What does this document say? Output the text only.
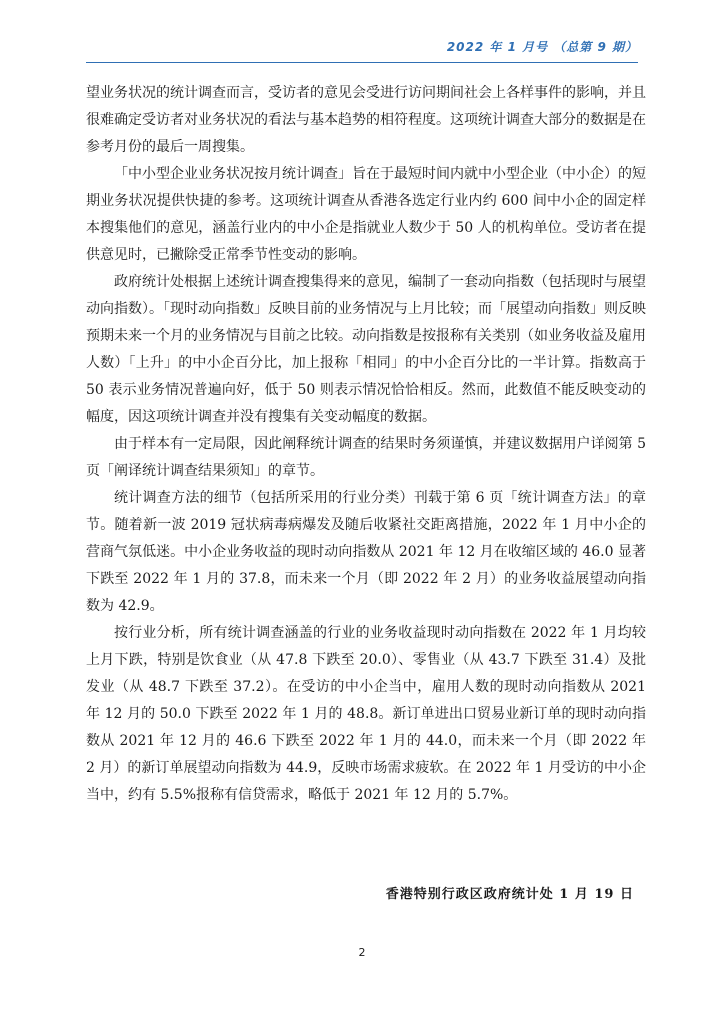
2022 年 1 月号 （总第 9 期）

望业务状况的统计调查而言，受访者的意见会受进行访问期间社会上各样事件的影响，并且很难确定受访者对业务状况的看法与基本趋势的相符程度。这项统计调查大部分的数据是在参考月份的最后一周搜集。

「中小型企业业务状况按月统计调查」旨在于最短时间内就中小型企业（中小企）的短期业务状况提供快捷的参考。这项统计调查从香港各选定行业内约 600 间中小企的固定样本搜集他们的意见，涵盖行业内的中小企是指就业人数少于 50 人的机构单位。受访者在提供意见时，已撇除受正常季节性变动的影响。

政府统计处根据上述统计调查搜集得来的意见，编制了一套动向指数（包括现时与展望动向指数）。「现时动向指数」反映目前的业务情况与上月比较；而「展望动向指数」则反映预期未来一个月的业务情况与目前之比较。动向指数是按报称有关类别（如业务收益及雇用人数）「上升」的中小企百分比，加上报称「相同」的中小企百分比的一半计算。指数高于 50 表示业务情况普遍向好，低于 50 则表示情况恰恰相反。然而，此数值不能反映变动的幅度，因这项统计调查并没有搜集有关变动幅度的数据。

由于样本有一定局限，因此阐释统计调查的结果时务须谨慎，并建议数据用户详阅第 5 页「阐译统计调查结果须知」的章节。

统计调查方法的细节（包括所采用的行业分类）刊载于第 6 页「统计调查方法」的章节。随着新一波 2019 冠状病毒病爆发及随后收紧社交距离措施，2022 年 1 月中小企的营商气氛低迷。中小企业务收益的现时动向指数从 2021 年 12 月在收缩区域的 46.0 显著下跌至 2022 年 1 月的 37.8，而未来一个月（即 2022 年 2 月）的业务收益展望动向指数为 42.9。

按行业分析，所有统计调查涵盖的行业的业务收益现时动向指数在 2022 年 1 月均较上月下跌，特别是饮食业（从 47.8 下跌至 20.0）、零售业（从 43.7 下跌至 31.4）及批发业（从 48.7 下跌至 37.2）。在受访的中小企当中，雇用人数的现时动向指数从 2021 年 12 月的 50.0 下跌至 2022 年 1 月的 48.8。新订单进出口贸易业新订单的现时动向指数从 2021 年 12 月的 46.6 下跌至 2022 年 1 月的 44.0，而未来一个月（即 2022 年 2 月）的新订单展望动向指数为 44.9，反映市场需求疲软。在 2022 年 1 月受访的中小企当中，约有 5.5%报称有信贷需求，略低于 2021 年 12 月的 5.7%。

香港特别行政区政府统计处 1 月 19 日
2
